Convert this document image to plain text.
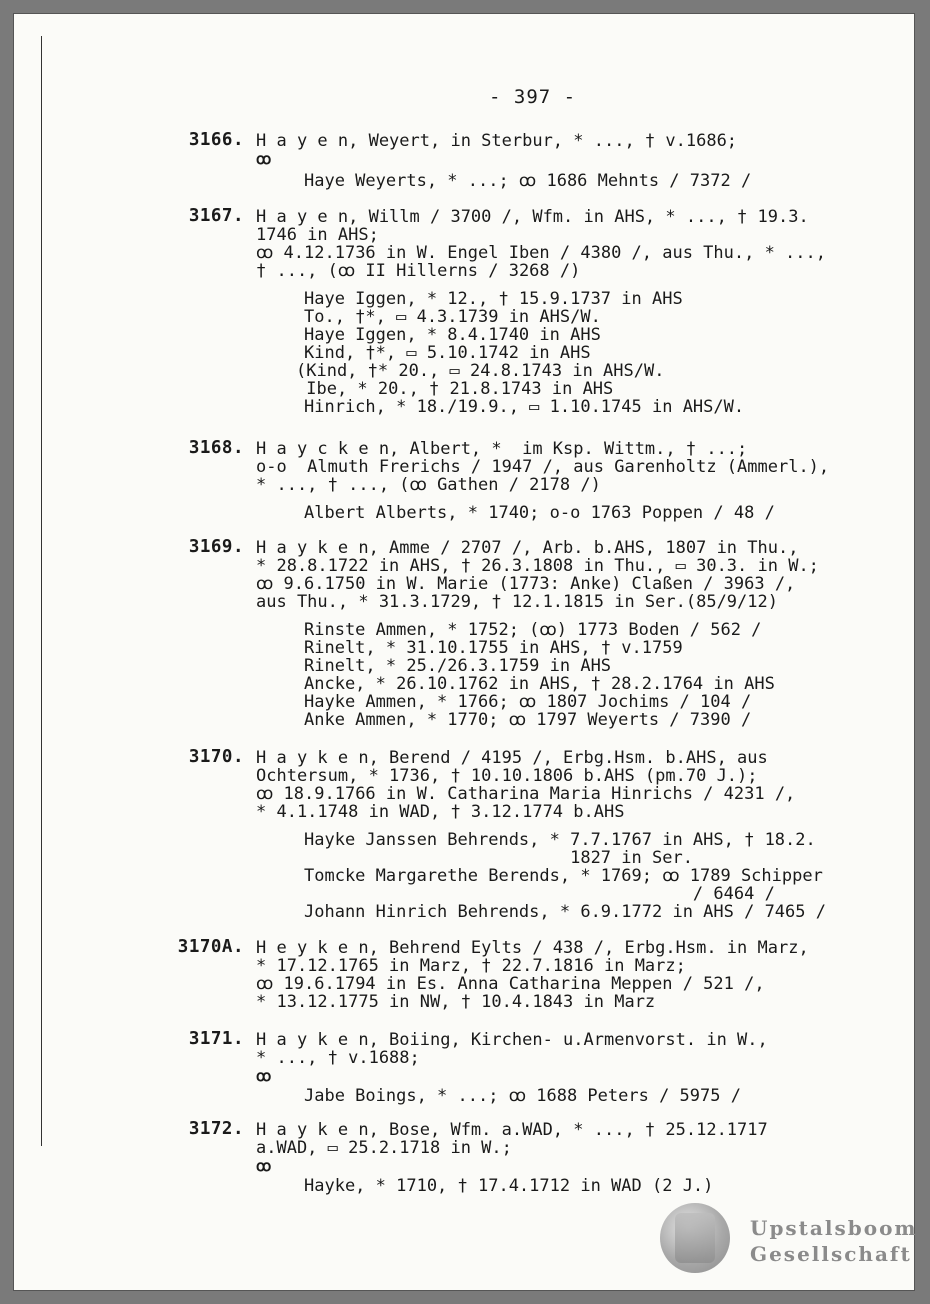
- 397 -
3166. H a y e n, Weyert, in Sterbur, * ..., † v.1686;
ꝏ
Haye Weyerts, * ...; ꝏ 1686 Mehnts / 7372 /
3167. H a y e n, Willm / 3700 /, Wfm. in AHS, * ..., † 19.3.
1746 in AHS;
ꝏ 4.12.1736 in W. Engel Iben / 4380 /, aus Thu., * ...,
† ..., (ꝏ II Hillerns / 3268 /)
Haye Iggen, * 12., † 15.9.1737 in AHS
To., †*, ▭ 4.3.1739 in AHS/W.
Haye Iggen, * 8.4.1740 in AHS
Kind, †*, ▭ 5.10.1742 in AHS
(Kind, †* 20., ▭ 24.8.1743 in AHS/W.
Ibe, * 20., † 21.8.1743 in AHS
Hinrich, * 18./19.9., ▭ 1.10.1745 in AHS/W.
3168. H a y c k e n, Albert, *  im Ksp. Wittm., † ...;
o-o  Almuth Frerichs / 1947 /, aus Garenholtz (Ammerl.),
* ..., † ..., (ꝏ Gathen / 2178 /)
Albert Alberts, * 1740; o-o 1763 Poppen / 48 /
3169. H a y k e n, Amme / 2707 /, Arb. b.AHS, 1807 in Thu.,
* 28.8.1722 in AHS, † 26.3.1808 in Thu., ▭ 30.3. in W.;
ꝏ 9.6.1750 in W. Marie (1773: Anke) Claßen / 3963 /,
aus Thu., * 31.3.1729, † 12.1.1815 in Ser.(85/9/12)
Rinste Ammen, * 1752; (ꝏ) 1773 Boden / 562 /
Rinelt, * 31.10.1755 in AHS, † v.1759
Rinelt, * 25./26.3.1759 in AHS
Ancke, * 26.10.1762 in AHS, † 28.2.1764 in AHS
Hayke Ammen, * 1766; ꝏ 1807 Jochims / 104 /
Anke Ammen, * 1770; ꝏ 1797 Weyerts / 7390 /
3170. H a y k e n, Berend / 4195 /, Erbg.Hsm. b.AHS, aus
Ochtersum, * 1736, † 10.10.1806 b.AHS (pm.70 J.);
ꝏ 18.9.1766 in W. Catharina Maria Hinrichs / 4231 /,
* 4.1.1748 in WAD, † 3.12.1774 b.AHS
Hayke Janssen Behrends, * 7.7.1767 in AHS, † 18.2.
1827 in Ser.
Tomcke Margarethe Berends, * 1769; ꝏ 1789 Schipper
/ 6464 /
Johann Hinrich Behrends, * 6.9.1772 in AHS / 7465 /
3170A. H e y k e n, Behrend Eylts / 438 /, Erbg.Hsm. in Marz,
* 17.12.1765 in Marz, † 22.7.1816 in Marz;
ꝏ 19.6.1794 in Es. Anna Catharina Meppen / 521 /,
* 13.12.1775 in NW, † 10.4.1843 in Marz
3171. H a y k e n, Boiing, Kirchen- u.Armenvorst. in W.,
* ..., † v.1688;
ꝏ
Jabe Boings, * ...; ꝏ 1688 Peters / 5975 /
3172. H a y k e n, Bose, Wfm. a.WAD, * ..., † 25.12.1717
a.WAD, ▭ 25.2.1718 in W.;
ꝏ
Hayke, * 1710, † 17.4.1712 in WAD (2 J.)
Upstalsboom
Gesellschaft
